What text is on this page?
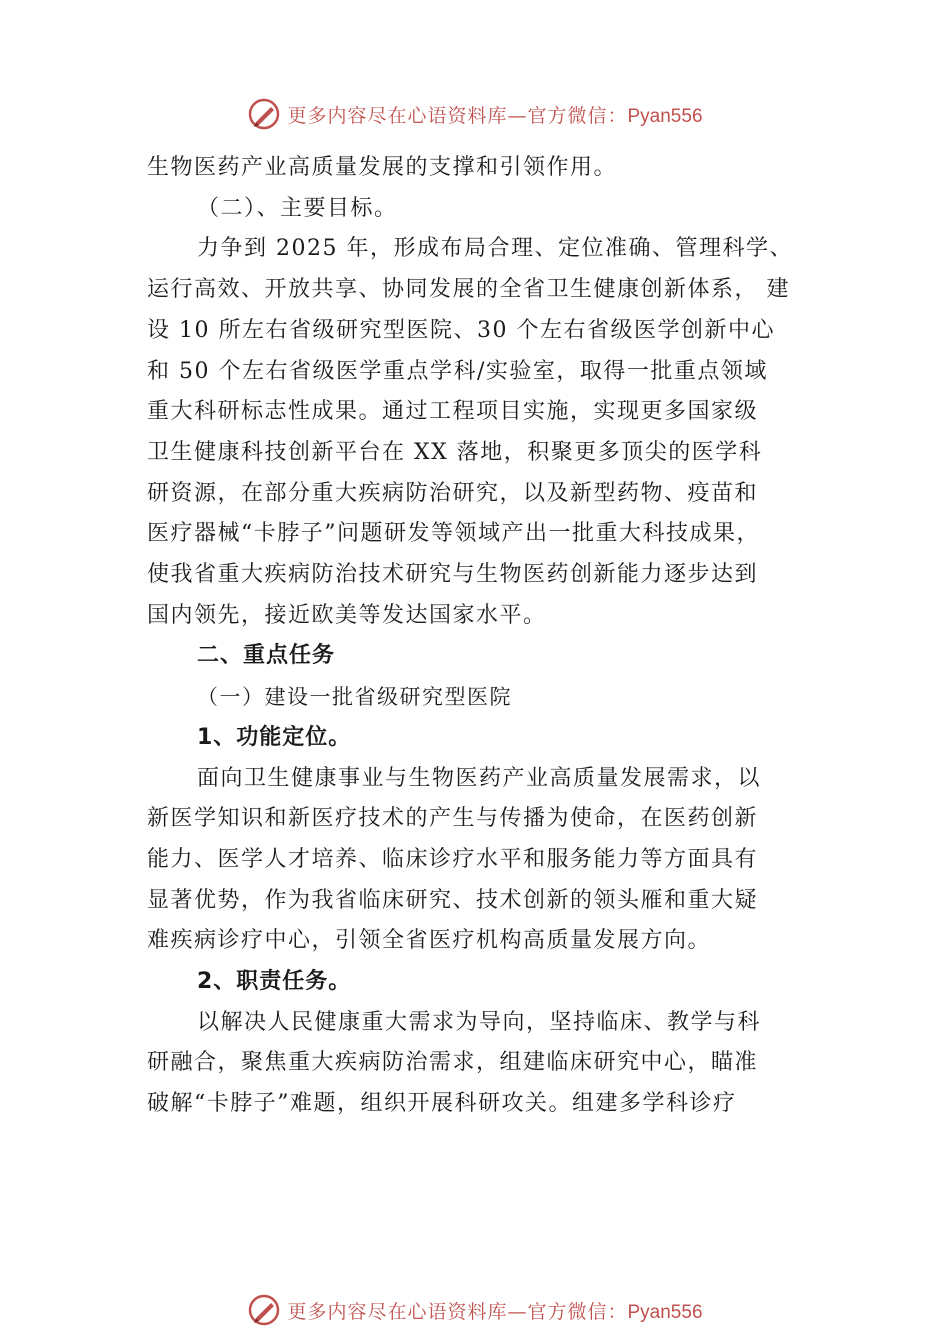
更多内容尽在心语资料库—官方微信：Pyan556

生物医药产业高质量发展的支撑和引领作用。

（二）、主要目标。

力争到 2025 年，形成布局合理、定位准确、管理科学、
运行高效、开放共享、协同发展的全省卫生健康创新体系， 建
设 10 所左右省级研究型医院、30 个左右省级医学创新中心
和 50 个左右省级医学重点学科/实验室，取得一批重点领域
重大科研标志性成果。通过工程项目实施，实现更多国家级
卫生健康科技创新平台在 XX 落地，积聚更多顶尖的医学科
研资源，在部分重大疾病防治研究，以及新型药物、疫苗和
医疗器械“卡脖子”问题研发等领域产出一批重大科技成果，
使我省重大疾病防治技术研究与生物医药创新能力逐步达到
国内领先，接近欧美等发达国家水平。

二、重点任务

（一）建设一批省级研究型医院

1、功能定位。

面向卫生健康事业与生物医药产业高质量发展需求，以
新医学知识和新医疗技术的产生与传播为使命，在医药创新
能力、医学人才培养、临床诊疗水平和服务能力等方面具有
显著优势，作为我省临床研究、技术创新的领头雁和重大疑
难疾病诊疗中心，引领全省医疗机构高质量发展方向。

2、职责任务。

以解决人民健康重大需求为导向，坚持临床、教学与科
研融合，聚焦重大疾病防治需求，组建临床研究中心，瞄准
破解“卡脖子”难题，组织开展科研攻关。组建多学科诊疗

更多内容尽在心语资料库—官方微信：Pyan556
